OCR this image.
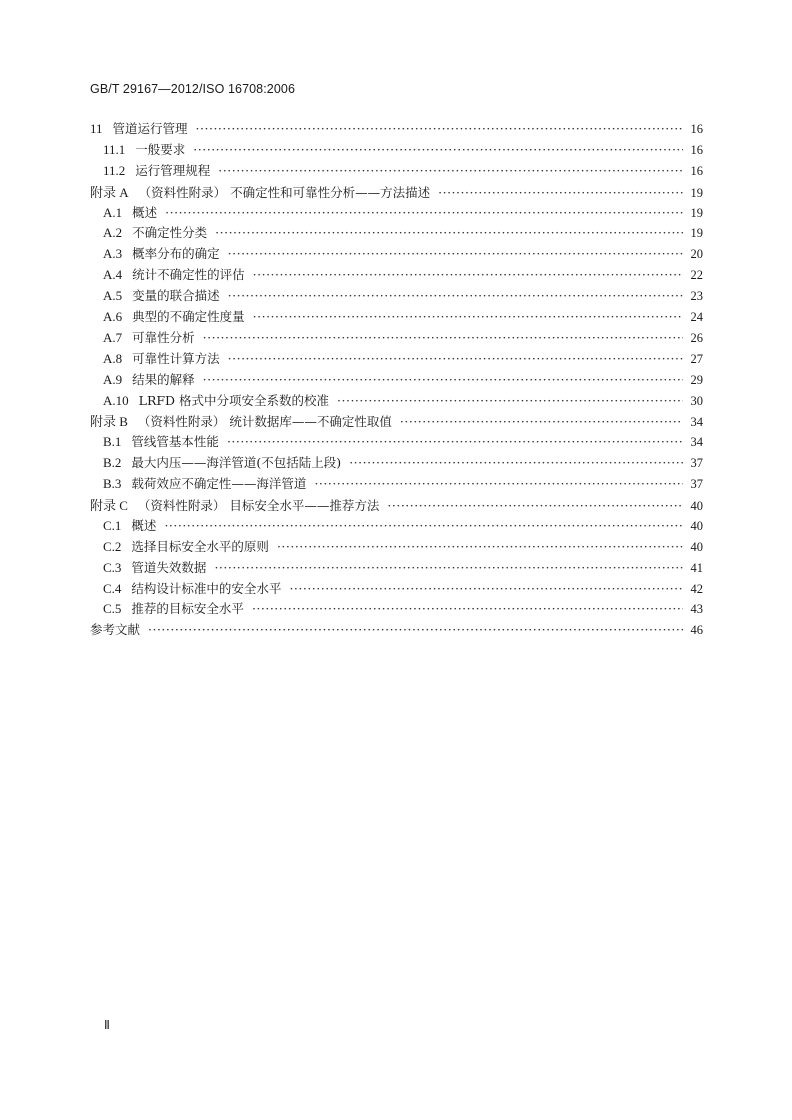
GB/T 29167—2012/ISO 16708:2006
11 管道运行管理 ·····	16
11.1 一般要求 ·····	16
11.2 运行管理规程 ·····	16
附录 A （资料性附录） 不确定性和可靠性分析——方法描述 ·····	19
A.1 概述 ·····	19
A.2 不确定性分类 ·····	19
A.3 概率分布的确定 ·····	20
A.4 统计不确定性的评估 ·····	22
A.5 变量的联合描述 ·····	23
A.6 典型的不确定性度量 ·····	24
A.7 可靠性分析 ·····	26
A.8 可靠性计算方法 ·····	27
A.9 结果的解释 ·····	29
A.10 LRFD 格式中分项安全系数的校准 ·····	30
附录 B （资料性附录） 统计数据库——不确定性取值 ·····	34
B.1 管线管基本性能 ·····	34
B.2 最大内压——海洋管道(不包括陆上段) ·····	37
B.3 载荷效应不确定性——海洋管道 ·····	37
附录 C （资料性附录） 目标安全水平——推荐方法 ·····	40
C.1 概述 ·····	40
C.2 选择目标安全水平的原则 ·····	40
C.3 管道失效数据 ·····	41
C.4 结构设计标准中的安全水平 ·····	42
C.5 推荐的目标安全水平 ·····	43
参考文献 ·····	46
Ⅱ
